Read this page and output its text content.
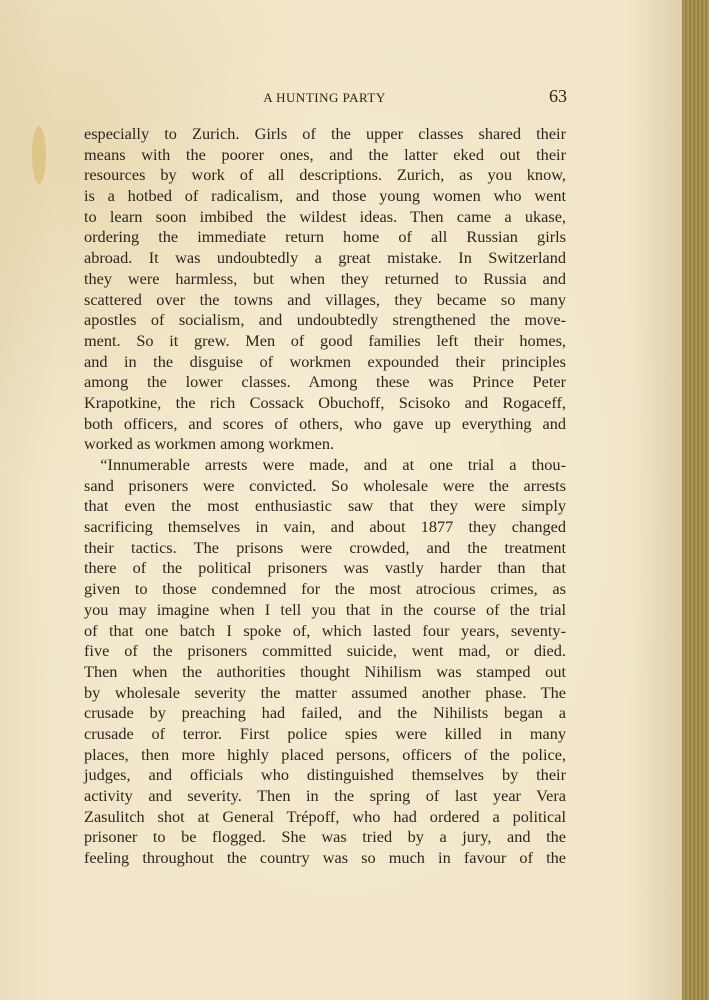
A HUNTING PARTY	63
especially to Zurich. Girls of the upper classes shared their
means with the poorer ones, and the latter eked out their
resources by work of all descriptions. Zurich, as you know,
is a hotbed of radicalism, and those young women who went
to learn soon imbibed the wildest ideas. Then came a ukase,
ordering the immediate return home of all Russian girls
abroad. It was undoubtedly a great mistake. In Switzerland
they were harmless, but when they returned to Russia and
scattered over the towns and villages, they became so many
apostles of socialism, and undoubtedly strengthened the move-
ment. So it grew. Men of good families left their homes,
and in the disguise of workmen expounded their principles
among the lower classes. Among these was Prince Peter
Krapotkine, the rich Cossack Obuchoff, Scisoko and Rogaceff,
both officers, and scores of others, who gave up everything and
worked as workmen among workmen.
“Innumerable arrests were made, and at one trial a thou-
sand prisoners were convicted. So wholesale were the arrests
that even the most enthusiastic saw that they were simply
sacrificing themselves in vain, and about 1877 they changed
their tactics. The prisons were crowded, and the treatment
there of the political prisoners was vastly harder than that
given to those condemned for the most atrocious crimes, as
you may imagine when I tell you that in the course of the trial
of that one batch I spoke of, which lasted four years, seventy-
five of the prisoners committed suicide, went mad, or died.
Then when the authorities thought Nihilism was stamped out
by wholesale severity the matter assumed another phase. The
crusade by preaching had failed, and the Nihilists began a
crusade of terror. First police spies were killed in many
places, then more highly placed persons, officers of the police,
judges, and officials who distinguished themselves by their
activity and severity. Then in the spring of last year Vera
Zasulitch shot at General Trépoff, who had ordered a political
prisoner to be flogged. She was tried by a jury, and the
feeling throughout the country was so much in favour of the
